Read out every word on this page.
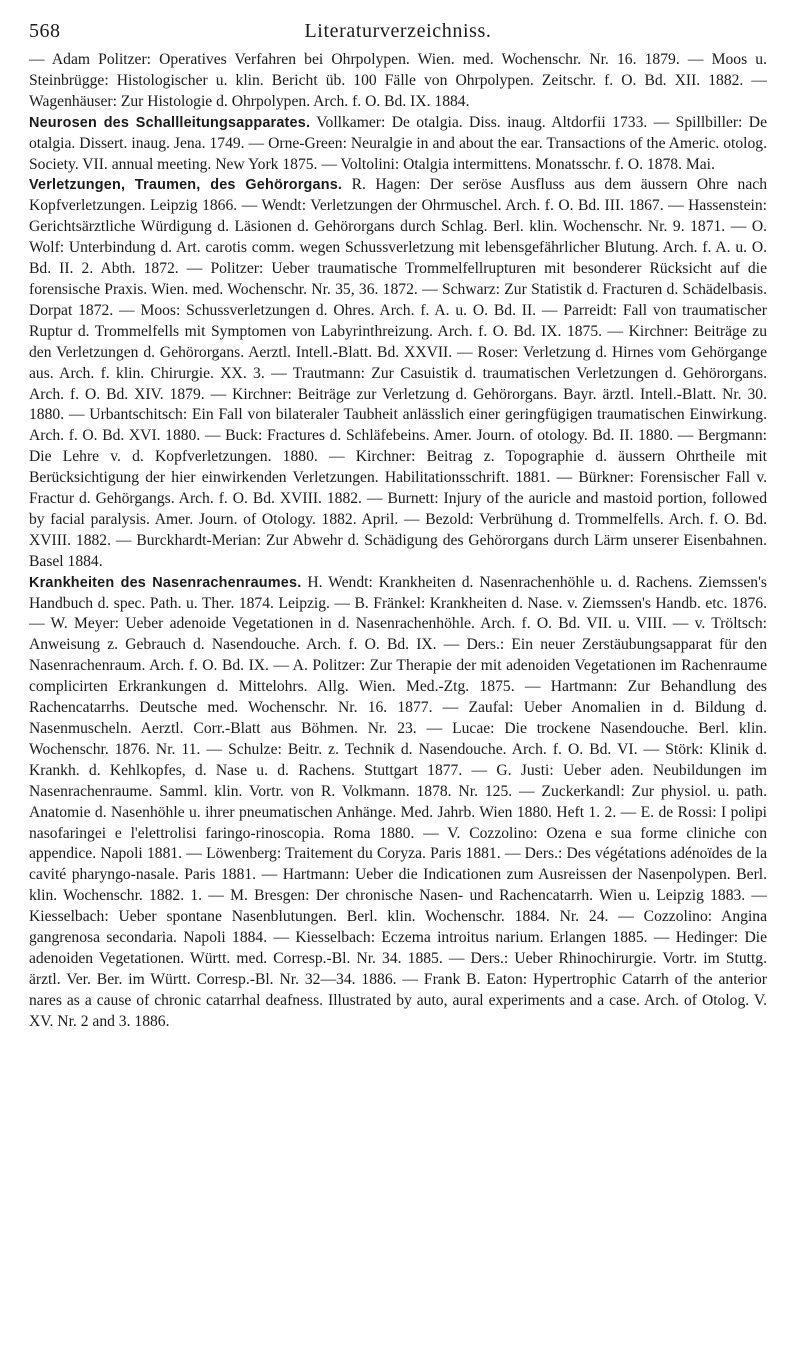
568	Literaturverzeichniss.

— Adam Politzer: Operatives Verfahren bei Ohrpolypen. Wien. med. Wochenschr. Nr. 16. 1879. — Moos u. Steinbrügge: Histologischer u. klin. Bericht üb. 100 Fälle von Ohrpolypen. Zeitschr. f. O. Bd. XII. 1882. — Wagenhäuser: Zur Histologie d. Ohrpolypen. Arch. f. O. Bd. IX. 1884.

Neurosen des Schallleitungsapparates. Vollkamer: De otalgia. Diss. inaug. Altdorfii 1733. — Spillbiller: De otalgia. Dissert. inaug. Jena. 1749. — Orne-Green: Neuralgie in and about the ear. Transactions of the Americ. otolog. Society. VII. annual meeting. New York 1875. — Voltolini: Otalgia intermittens. Monatsschr. f. O. 1878. Mai.

Verletzungen, Traumen, des Gehörorgans. R. Hagen: Der seröse Ausfluss aus dem äussern Ohre nach Kopfverletzungen. Leipzig 1866. — Wendt: Verletzungen der Ohrmuschel. Arch. f. O. Bd. III. 1867. — Hassenstein: Gerichtsärztliche Würdigung d. Läsionen d. Gehörorgans durch Schlag. Berl. klin. Wochenschr. Nr. 9. 1871. — O. Wolf: Unterbindung d. Art. carotis comm. wegen Schussverletzung mit lebensgefährlicher Blutung. Arch. f. A. u. O. Bd. II. 2. Abth. 1872. — Politzer: Ueber traumatische Trommelfellrupturen mit besonderer Rücksicht auf die forensische Praxis. Wien. med. Wochenschr. Nr. 35, 36. 1872. — Schwarz: Zur Statistik d. Fracturen d. Schädelbasis. Dorpat 1872. — Moos: Schussverletzungen d. Ohres. Arch. f. A. u. O. Bd. II. — Parreidt: Fall von traumatischer Ruptur d. Trommelfells mit Symptomen von Labyrinthreizung. Arch. f. O. Bd. IX. 1875. — Kirchner: Beiträge zu den Verletzungen d. Gehörorgans. Aerztl. Intell.-Blatt. Bd. XXVII. — Roser: Verletzung d. Hirnes vom Gehörgange aus. Arch. f. klin. Chirurgie. XX. 3. — Trautmann: Zur Casuistik d. traumatischen Verletzungen d. Gehörorgans. Arch. f. O. Bd. XIV. 1879. — Kirchner: Beiträge zur Verletzung d. Gehörorgans. Bayr. ärztl. Intell.-Blatt. Nr. 30. 1880. — Urbantschitsch: Ein Fall von bilateraler Taubheit anlässlich einer geringfügigen traumatischen Einwirkung. Arch. f. O. Bd. XVI. 1880. — Buck: Fractures d. Schläfebeins. Amer. Journ. of otology. Bd. II. 1880. — Bergmann: Die Lehre v. d. Kopfverletzungen. 1880. — Kirchner: Beitrag z. Topographie d. äussern Ohrtheile mit Berücksichtigung der hier einwirkenden Verletzungen. Habilitationsschrift. 1881. — Bürkner: Forensischer Fall v. Fractur d. Gehörgangs. Arch. f. O. Bd. XVIII. 1882. — Burnett: Injury of the auricle and mastoid portion, followed by facial paralysis. Amer. Journ. of Otology. 1882. April. — Bezold: Verbrühung d. Trommelfells. Arch. f. O. Bd. XVIII. 1882. — Burckhardt-Merian: Zur Abwehr d. Schädigung des Gehörorgans durch Lärm unserer Eisenbahnen. Basel 1884.

Krankheiten des Nasenrachenraumes. H. Wendt: Krankheiten d. Nasenrachenhöhle u. d. Rachens. Ziemssen's Handbuch d. spec. Path. u. Ther. 1874. Leipzig. — B. Fränkel: Krankheiten d. Nase. v. Ziemssen's Handb. etc. 1876. — W. Meyer: Ueber adenoide Vegetationen in d. Nasenrachenhöhle. Arch. f. O. Bd. VII. u. VIII. — v. Tröltsch: Anweisung z. Gebrauch d. Nasendouche. Arch. f. O. Bd. IX. — Ders.: Ein neuer Zerstäubungsapparat für den Nasenrachenraum. Arch. f. O. Bd. IX. — A. Politzer: Zur Therapie der mit adenoiden Vegetationen im Rachenraume complicirten Erkrankungen d. Mittelohrs. Allg. Wien. Med.-Ztg. 1875. — Hartmann: Zur Behandlung des Rachencatarrhs. Deutsche med. Wochenschr. Nr. 16. 1877. — Zaufal: Ueber Anomalien in d. Bildung d. Nasenmuscheln. Aerztl. Corr.-Blatt aus Böhmen. Nr. 23. — Lucae: Die trockene Nasendouche. Berl. klin. Wochenschr. 1876. Nr. 11. — Schulze: Beitr. z. Technik d. Nasendouche. Arch. f. O. Bd. VI. — Störk: Klinik d. Krankh. d. Kehlkopfes, d. Nase u. d. Rachens. Stuttgart 1877. — G. Justi: Ueber aden. Neubildungen im Nasenrachenraume. Samml. klin. Vortr. von R. Volkmann. 1878. Nr. 125. — Zuckerkandl: Zur physiol. u. path. Anatomie d. Nasenhöhle u. ihrer pneumatischen Anhänge. Med. Jahrb. Wien 1880. Heft 1. 2. — E. de Rossi: I polipi nasofaringei e l'elettrolisi faringo-rinoscopia. Roma 1880. — V. Cozzolino: Ozena e sua forme cliniche con appendice. Napoli 1881. — Löwenberg: Traitement du Coryza. Paris 1881. — Ders.: Des végétations adénoïdes de la cavité pharyngo-nasale. Paris 1881. — Hartmann: Ueber die Indicationen zum Ausreissen der Nasenpolypen. Berl. klin. Wochenschr. 1882. 1. — M. Bresgen: Der chronische Nasen- und Rachencatarrh. Wien u. Leipzig 1883. — Kiesselbach: Ueber spontane Nasenblutungen. Berl. klin. Wochenschr. 1884. Nr. 24. — Cozzolino: Angina gangrenosa secondaria. Napoli 1884. — Kiesselbach: Eczema introitus narium. Erlangen 1885. — Hedinger: Die adenoiden Vegetationen. Württ. med. Corresp.-Bl. Nr. 34. 1885. — Ders.: Ueber Rhinochirurgie. Vortr. im Stuttg. ärztl. Ver. Ber. im Württ. Corresp.-Bl. Nr. 32—34. 1886. — Frank B. Eaton: Hypertrophic Catarrh of the anterior nares as a cause of chronic catarrhal deafness. Illustrated by auto, aural experiments and a case. Arch. of Otolog. V. XV. Nr. 2 and 3. 1886.
